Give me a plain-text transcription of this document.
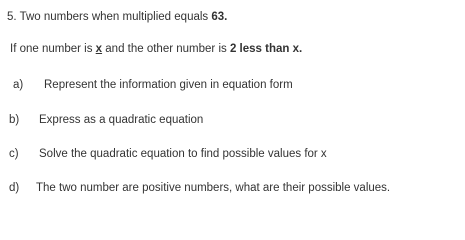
5. Two numbers when multiplied equals 63.
If one number is x and the other number is 2 less than x.
a) Represent the information given in equation form
b) Express as a quadratic equation
c) Solve the quadratic equation to find possible values for x
d) The two number are positive numbers, what are their possible values.
